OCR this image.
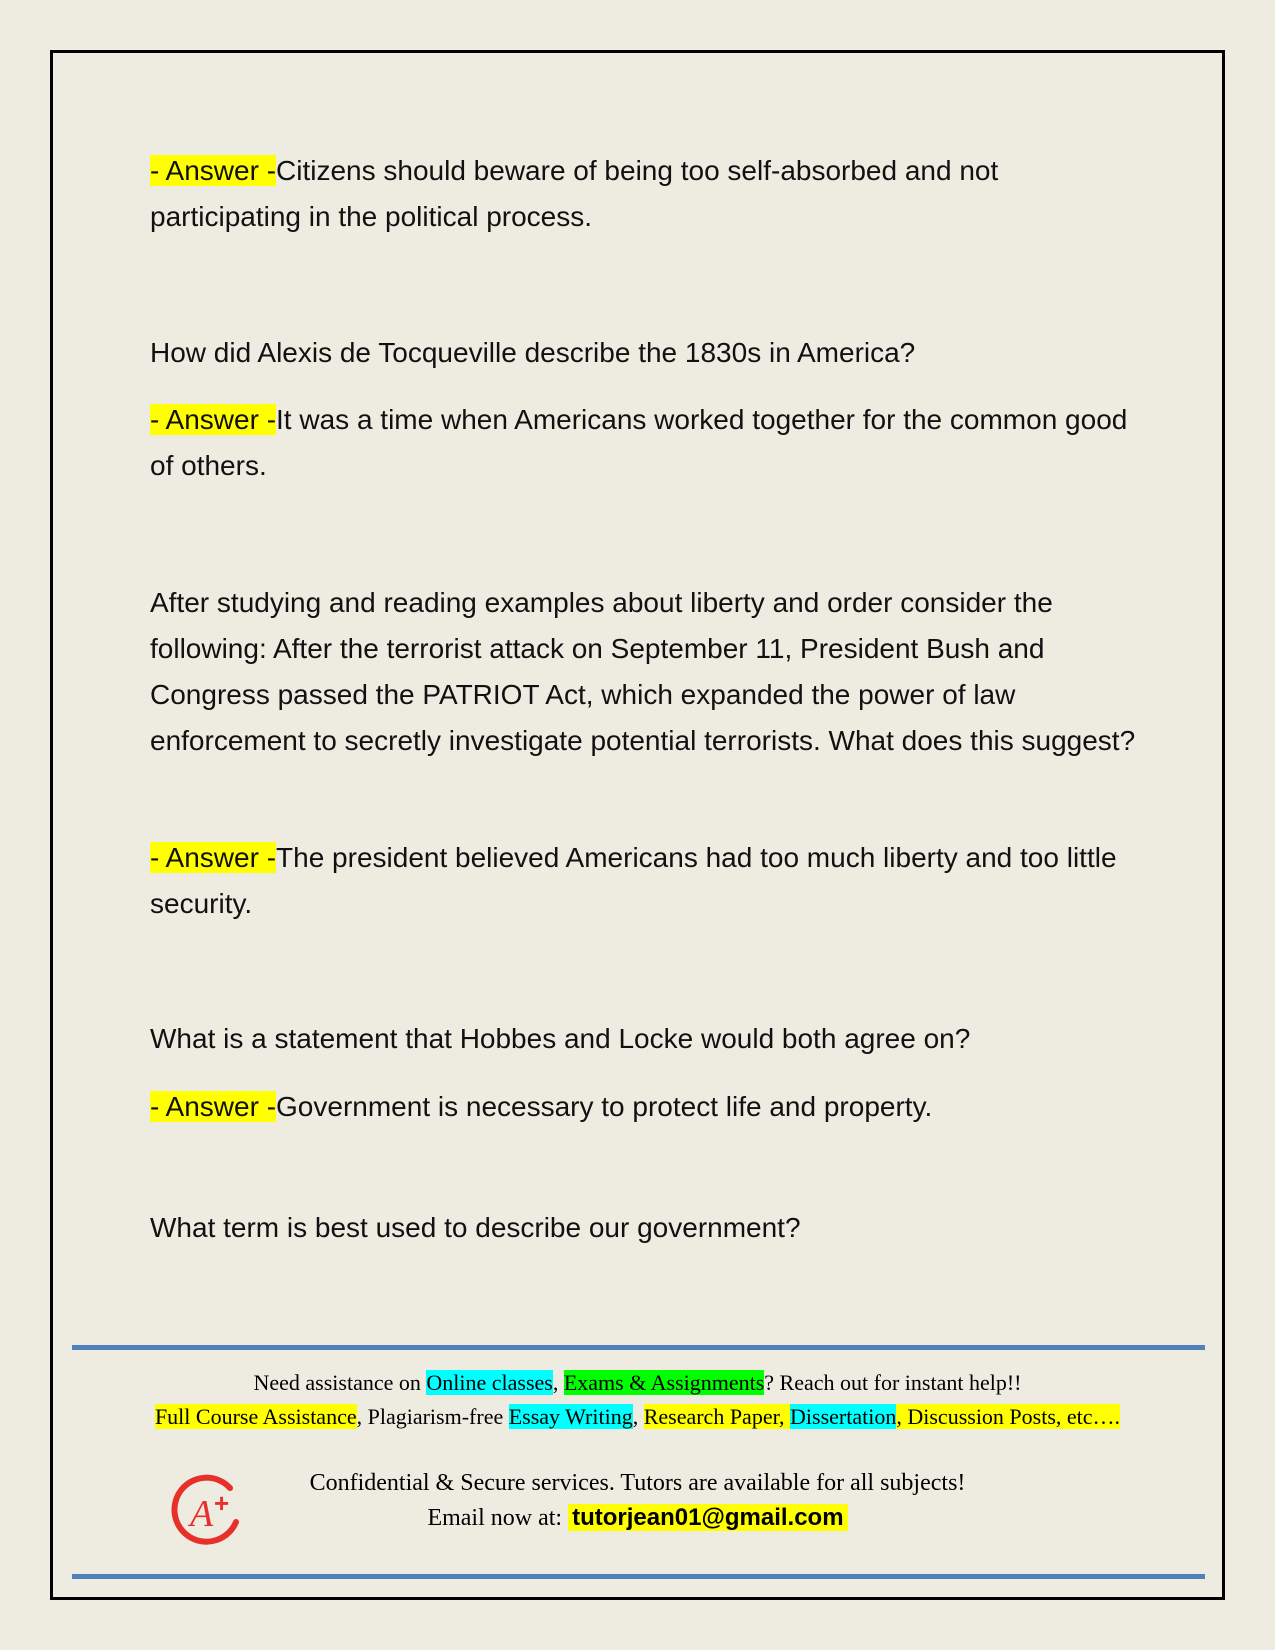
- Answer -Citizens should beware of being too self-absorbed and not participating in the political process.
How did Alexis de Tocqueville describe the 1830s in America?
- Answer -It was a time when Americans worked together for the common good of others.
After studying and reading examples about liberty and order consider the following: After the terrorist attack on September 11, President Bush and Congress passed the PATRIOT Act, which expanded the power of law enforcement to secretly investigate potential terrorists. What does this suggest?
- Answer -The president believed Americans had too much liberty and too little security.
What is a statement that Hobbes and Locke would both agree on?
- Answer -Government is necessary to protect life and property.
What term is best used to describe our government?
Need assistance on Online classes, Exams & Assignments? Reach out for instant help!!
Full Course Assistance, Plagiarism-free Essay Writing, Research Paper, Dissertation, Discussion Posts, etc….
A +
Confidential & Secure services. Tutors are available for all subjects!
Email now at: tutorjean01@gmail.com
